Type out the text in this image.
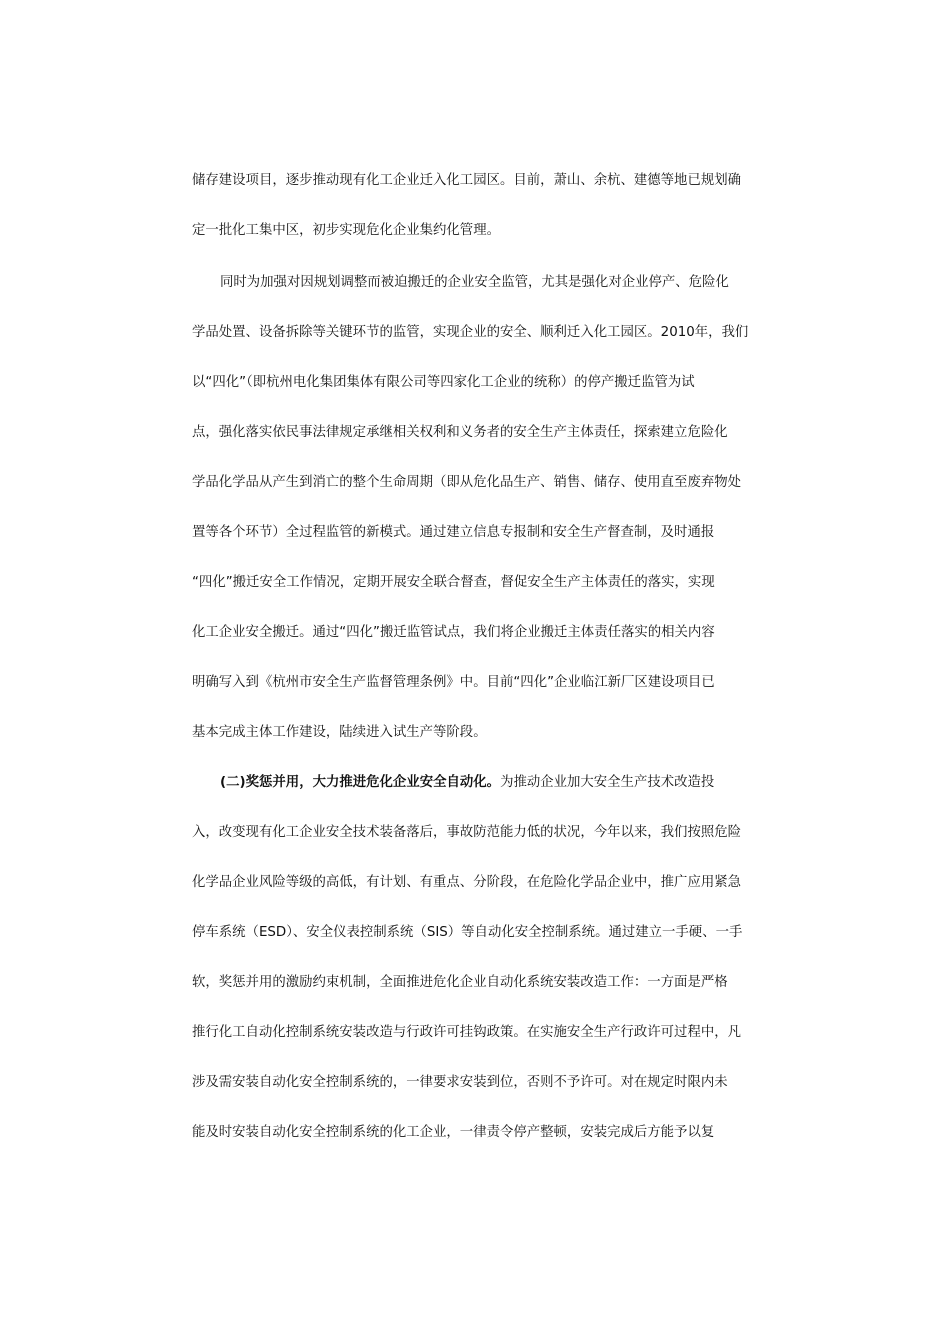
储存建设项目，逐步推动现有化工企业迁入化工园区。目前，萧山、余杭、建德等地已规划确
定一批化工集中区，初步实现危化企业集约化管理。
同时为加强对因规划调整而被迫搬迁的企业安全监管，尤其是强化对企业停产、危险化
学品处置、设备拆除等关键环节的监管，实现企业的安全、顺利迁入化工园区。2010年，我们
以“四化”（即杭州电化集团集体有限公司等四家化工企业的统称）的停产搬迁监管为试
点，强化落实依民事法律规定承继相关权利和义务者的安全生产主体责任，探索建立危险化
学品化学品从产生到消亡的整个生命周期（即从危化品生产、销售、储存、使用直至废弃物处
置等各个环节）全过程监管的新模式。通过建立信息专报制和安全生产督查制，及时通报
“四化”搬迁安全工作情况，定期开展安全联合督查，督促安全生产主体责任的落实，实现
化工企业安全搬迁。通过“四化”搬迁监管试点，我们将企业搬迁主体责任落实的相关内容
明确写入到《杭州市安全生产监督管理条例》中。目前“四化”企业临江新厂区建设项目已
基本完成主体工作建设，陆续进入试生产等阶段。
(二)奖惩并用，大力推进危化企业安全自动化。为推动企业加大安全生产技术改造投
入，改变现有化工企业安全技术装备落后，事故防范能力低的状况，今年以来，我们按照危险
化学品企业风险等级的高低，有计划、有重点、分阶段，在危险化学品企业中，推广应用紧急
停车系统（ESD）、安全仪表控制系统（SIS）等自动化安全控制系统。通过建立一手硬、一手
软，奖惩并用的激励约束机制，全面推进危化企业自动化系统安装改造工作：一方面是严格
推行化工自动化控制系统安装改造与行政许可挂钩政策。在实施安全生产行政许可过程中，凡
涉及需安装自动化安全控制系统的，一律要求安装到位，否则不予许可。对在规定时限内未
能及时安装自动化安全控制系统的化工企业，一律责令停产整顿，安装完成后方能予以复
